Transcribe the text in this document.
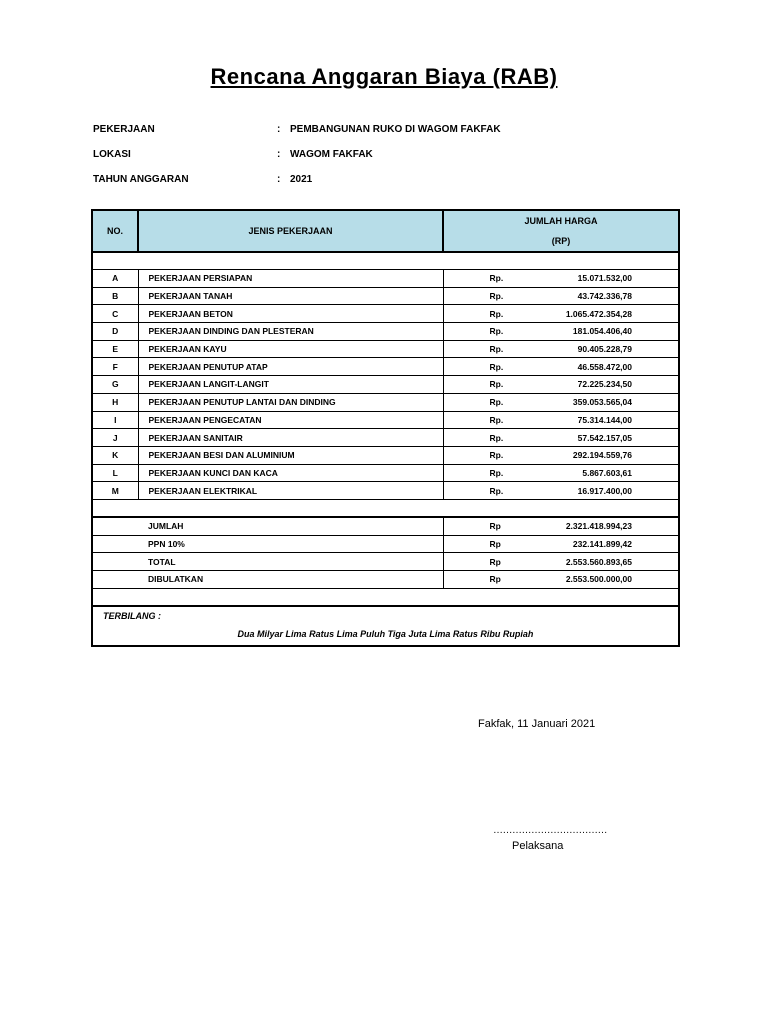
Rencana Anggaran Biaya (RAB)
PEKERJAAN	: PEMBANGUNAN RUKO DI WAGOM FAKFAK
LOKASI	: WAGOM FAKFAK
TAHUN ANGGARAN	: 2021
NO.	JENIS PEKERJAAN	JUMLAH HARGA
(RP)

A	PEKERJAAN PERSIAPAN	Rp. 15.071.532,00

B	PEKERJAAN TANAH	Rp. 43.742.336,78

C	PEKERJAAN BETON	Rp. 1.065.472.354,28

D	PEKERJAAN DINDING DAN PLESTERAN	Rp. 181.054.406,40

E	PEKERJAAN KAYU	Rp. 90.405.228,79

F	PEKERJAAN PENUTUP ATAP	Rp. 46.558.472,00

G	PEKERJAAN LANGIT-LANGIT	Rp. 72.225.234,50

H	PEKERJAAN PENUTUP LANTAI DAN DINDING	Rp. 359.053.565,04

I	PEKERJAAN PENGECATAN	Rp. 75.314.144,00

J	PEKERJAAN SANITAIR	Rp. 57.542.157,05

K	PEKERJAAN BESI DAN ALUMINIUM	Rp. 292.194.559,76

L	PEKERJAAN KUNCI DAN KACA	Rp. 5.867.603,61

M	PEKERJAAN ELEKTRIKAL	Rp. 16.917.400,00

	JUMLAH	Rp 2.321.418.994,23

	PPN 10%	Rp 232.141.899,42

	TOTAL	Rp 2.553.560.893,65

	DIBULATKAN	Rp 2.553.500.000,00

TERBILANG :
Dua Milyar Lima Ratus Lima Puluh Tiga Juta Lima Ratus Ribu Rupiah		
Fakfak, 11 Januari 2021
………………………………
Pelaksana
